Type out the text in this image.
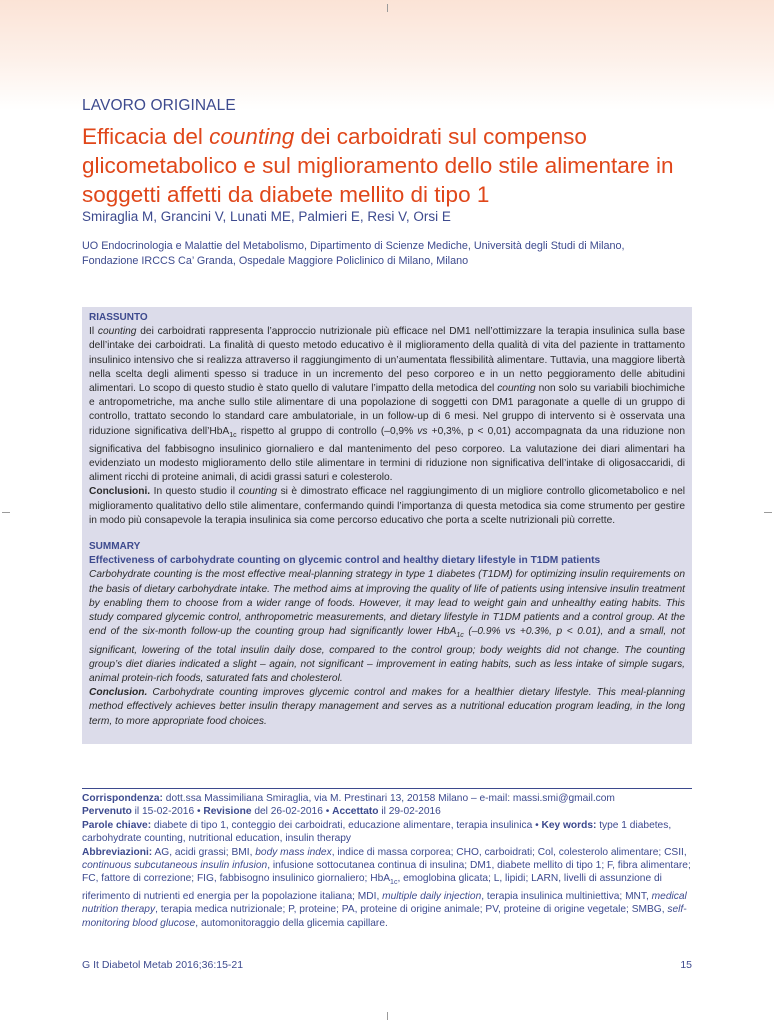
LAVORO ORIGINALE
Efficacia del counting dei carboidrati sul compenso glicometabolico e sul miglioramento dello stile alimentare in soggetti affetti da diabete mellito di tipo 1
Smiraglia M, Grancini V, Lunati ME, Palmieri E, Resi V, Orsi E
UO Endocrinologia e Malattie del Metabolismo, Dipartimento di Scienze Mediche, Università degli Studi di Milano,
Fondazione IRCCS Ca’ Granda, Ospedale Maggiore Policlinico di Milano, Milano
RIASSUNTO

Il counting dei carboidrati rappresenta l’approccio nutrizionale più efficace nel DM1 nell’ottimizzare la terapia insulinica sulla base dell’intake dei carboidrati. La finalità di questo metodo educativo è il miglioramento della qualità di vita del paziente in trattamento insulinico intensivo che si realizza attraverso il raggiungimento di un’aumentata flessibilità alimentare. Tuttavia, una maggiore libertà nella scelta degli alimenti spesso si traduce in un incremento del peso corporeo e in un netto peggioramento delle abitudini alimentari. Lo scopo di questo studio è stato quello di valutare l’impatto della metodica del counting non solo su variabili biochimiche e antropometriche, ma anche sullo stile alimentare di una popolazione di soggetti con DM1 paragonate a quelle di un gruppo di controllo, trattato secondo lo standard care ambulatoriale, in un follow-up di 6 mesi. Nel gruppo di intervento si è osservata una riduzione significativa dell’HbA$_{1c}$ rispetto al gruppo di controllo (–0,9% vs +0,3%, p < 0,01) accompagnata da una riduzione non significativa del fabbisogno insulinico giornaliero e dal mantenimento del peso corporeo. La valutazione dei diari alimentari ha evidenziato un modesto miglioramento dello stile alimentare in termini di riduzione non significativa dell’intake di oligosaccaridi, di aliment ricchi di proteine animali, di acidi grassi saturi e colesterolo.

Conclusioni. In questo studio il counting si è dimostrato efficace nel raggiungimento di un migliore controllo glicometabolico e nel miglioramento qualitativo dello stile alimentare, confermando quindi l’importanza di questa metodica sia come strumento per gestire in modo più consapevole la terapia insulinica sia come percorso educativo che porta a scelte nutrizionali più corrette.

SUMMARY
Effectiveness of carbohydrate counting on glycemic control and healthy dietary lifestyle in T1DM patients

Carbohydrate counting is the most effective meal-planning strategy in type 1 diabetes (T1DM) for optimizing insulin requirements on the basis of dietary carbohydrate intake. The method aims at improving the quality of life of patients using intensive insulin treatment by enabling them to choose from a wider range of foods. However, it may lead to weight gain and unhealthy eating habits. This study compared glycemic control, anthropometric measurements, and dietary lifestyle in T1DM patients and a control group. At the end of the six-month follow-up the counting group had significantly lower HbA$_{1c}$ (–0.9% vs +0.3%, p < 0.01), and a small, not significant, lowering of the total insulin daily dose, compared to the control group; body weights did not change. The counting group’s diet diaries indicated a slight – again, not significant – improvement in eating habits, such as less intake of simple sugars, animal protein-rich foods, saturated fats and cholesterol.

Conclusion. Carbohydrate counting improves glycemic control and makes for a healthier dietary lifestyle. This meal-planning method effectively achieves better insulin therapy management and serves as a nutritional education program leading, in the long term, to more appropriate food choices.

Corrispondenza: dott.ssa Massimiliana Smiraglia, via M. Prestinari 13, 20158 Milano – e-mail: massi.smi@gmail.com
Pervenuto il 15-02-2016 • Revisione del 26-02-2016 • Accettato il 29-02-2016
Parole chiave: diabete di tipo 1, conteggio dei carboidrati, educazione alimentare, terapia insulinica • Key words: type 1 diabetes, carbohydrate counting, nutritional education, insulin therapy
Abbreviazioni: AG, acidi grassi; BMI, body mass index, indice di massa corporea; CHO, carboidrati; Col, colesterolo alimentare; CSII, continuous subcutaneous insulin infusion, infusione sottocutanea continua di insulina; DM1, diabete mellito di tipo 1; F, fibra alimentare; FC, fattore di correzione; FIG, fabbisogno insulinico giornaliero; HbA$_{1c}$, emoglobina glicata; L, lipidi; LARN, livelli di assunzione di riferimento di nutrienti ed energia per la popolazione italiana; MDI, multiple daily injection, terapia insulinica multiniettiva; MNT, medical nutrition therapy, terapia medica nutrizionale; P, proteine; PA, proteine di origine animale; PV, proteine di origine vegetale; SMBG, self-monitoring blood glucose, automonitoraggio della glicemia capillare.
G It Diabetol Metab 2016;36:15-21	15
